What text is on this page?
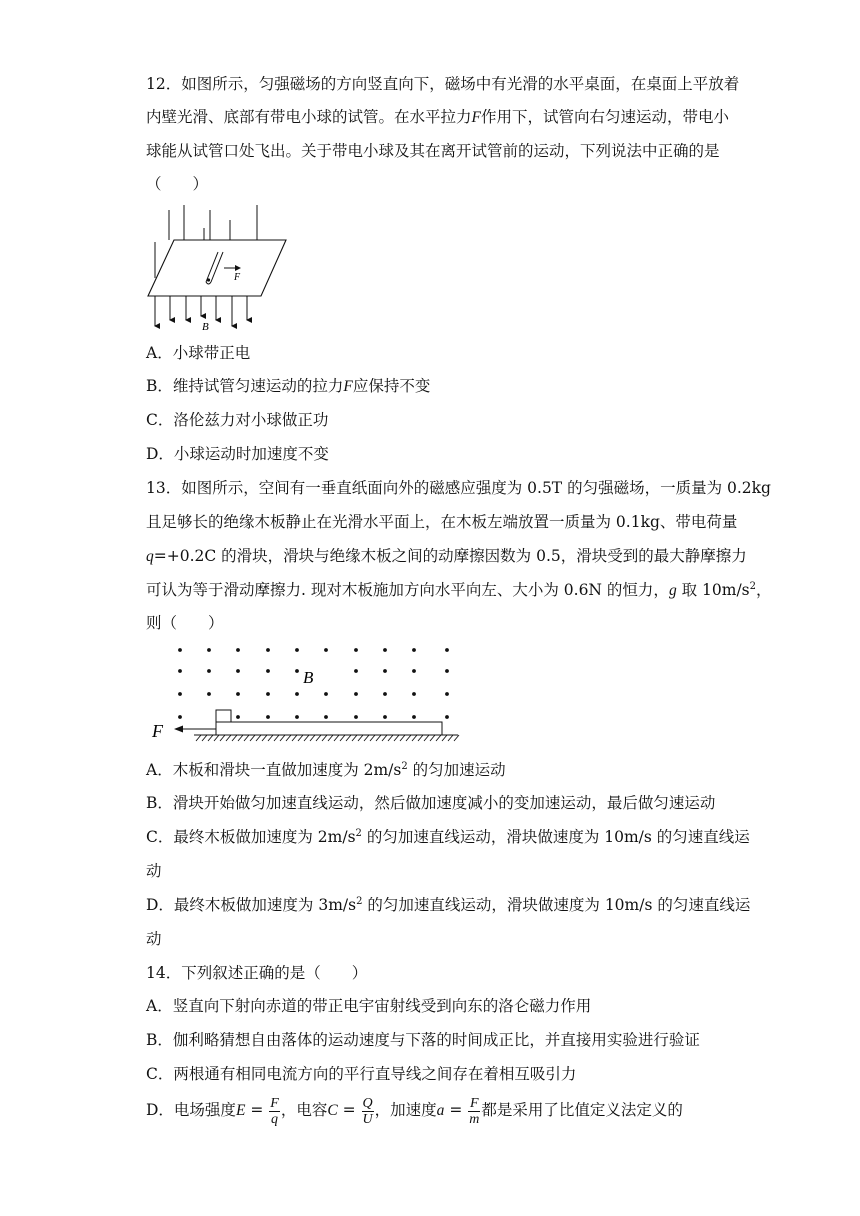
12．如图所示，匀强磁场的方向竖直向下，磁场中有光滑的水平桌面，在桌面上平放着
内壁光滑、底部有带电小球的试管。在水平拉力F作用下，试管向右匀速运动，带电小
球能从试管口处飞出。关于带电小球及其在离开试管前的运动，下列说法中正确的是
（　　）
F
B
A．小球带正电
B．维持试管匀速运动的拉力F应保持不变
C．洛伦兹力对小球做正功
D．小球运动时加速度不变
13．如图所示，空间有一垂直纸面向外的磁感应强度为 0.5T 的匀强磁场，一质量为 0.2kg
且足够长的绝缘木板静止在光滑水平面上，在木板左端放置一质量为 0.1kg、带电荷量
q=+0.2C 的滑块，滑块与绝缘木板之间的动摩擦因数为 0.5，滑块受到的最大静摩擦力
可认为等于滑动摩擦力. 现对木板施加方向水平向左、大小为 0.6N 的恒力，g 取 $10m/s^2$，
则（　　）
B
F
A．木板和滑块一直做加速度为 $2m/s^2$ 的匀加速运动
B．滑块开始做匀加速直线运动，然后做加速度减小的变加速运动，最后做匀速运动
C．最终木板做加速度为 $2m/s^2$ 的匀加速直线运动，滑块做速度为 10m/s 的匀速直线运
动
D．最终木板做加速度为 $3m/s^2$ 的匀加速直线运动，滑块做速度为 10m/s 的匀速直线运
动
14．下列叙述正确的是（　　）
A．竖直向下射向赤道的带正电宇宙射线受到向东的洛仑磁力作用
B．伽利略猜想自由落体的运动速度与下落的时间成正比，并直接用实验进行验证
C．两根通有相同电流方向的平行直导线之间存在着相互吸引力
D．电场强度$E = \frac{F}{q}$ ，电容$C = \frac{Q}{U}$ ，加速度$a = \frac{F}{m}$ 都是采用了比值定义法定义的
